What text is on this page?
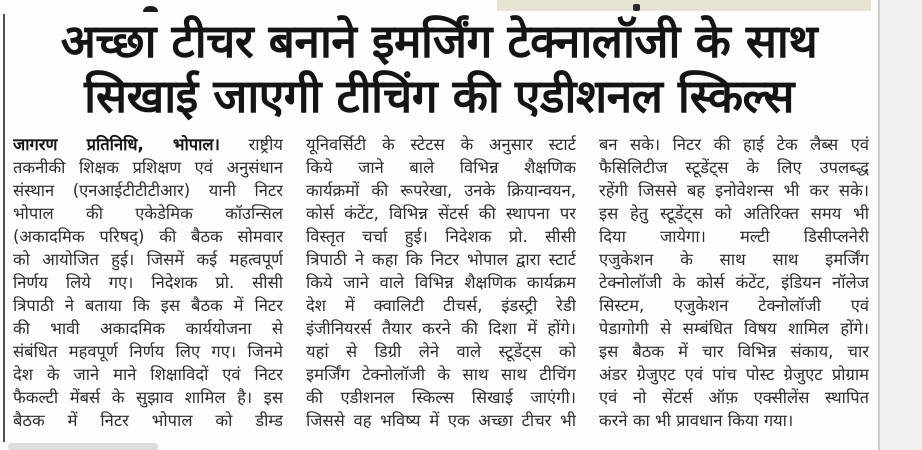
अच्छा टीचर बनाने इमर्जिंग टेक्नालॉजी के साथ
सिखाई जाएगी टीचिंग की एडीशनल स्किल्स
जागरण प्रतिनिधि, भोपाल। राष्ट्रीय
तकनीकी शिक्षक प्रशिक्षण एवं अनुसंधान
संस्थान (एनआईटीटीटीआर) यानी निटर
भोपाल की एकेडेमिक कॉउन्सिल
(अकादमिक परिषद्) की बैठक सोमवार
को आयोजित हुई। जिसमें कई महत्वपूर्ण
निर्णय लिये गए। निदेशक प्रो. सीसी
त्रिपाठी ने बताया कि इस बैठक में निटर
की भावी अकादमिक कार्ययोजना से
संबंधित महवपूर्ण निर्णय लिए गए। जिनमे
देश के जाने माने शिक्षाविदों एवं निटर
फैकल्टी मेंबर्स के सुझाव शामिल है। इस
बैठक में निटर भोपाल को डीम्ड
यूनिवर्सिटी के स्टेटस के अनुसार स्टार्ट
किये जाने बाले विभिन्न शैक्षणिक
कार्यक्रमों की रूपरेखा, उनके क्रियान्वयन,
कोर्स कंटेंट, विभिन्न सेंटर्स की स्थापना पर
विस्तृत चर्चा हुई। निदेशक प्रो. सीसी
त्रिपाठी ने कहा कि निटर भोपाल द्वारा स्टार्ट
किये जाने वाले विभिन्न शैक्षणिक कार्यक्रम
देश में क्वालिटी टीचर्स, इंडस्ट्री रेडी
इंजीनियरर्स तैयार करने की दिशा में होंगे।
यहां से डिग्री लेने वाले स्टूडेंट्स को
इमर्जिंग टेक्नोलॉजी के साथ साथ टीचिंग
की एडीशनल स्किल्स सिखाई जाएंगी।
जिससे वह भविष्य में एक अच्छा टीचर भी
बन सके। निटर की हाई टेक लैब्स एवं
फैसिलिटीज स्टूडेंट्स के लिए उपलब्द्ध
रहेंगी जिससे बह इनोवेशन्स भी कर सके।
इस हेतु स्टूडेंट्स को अतिरिक्त समय भी
दिया जायेगा। मल्टी डिसीप्लनेरी
एजुकेशन के साथ साथ इमर्जिंग
टेक्नोलॉजी के कोर्स कंटेंट, इंडियन नॉलेज
सिस्टम, एजुकेशन टेक्नोलॉजी एवं
पेडागोगी से सम्बंधित विषय शामिल होंगे।
इस बैठक में चार विभिन्न संकाय, चार
अंडर ग्रेजुएट एवं पांच पोस्ट ग्रेजुएट प्रोग्राम
एवं नो सेंटर्स ऑफ़ एक्सीलेंस स्थापित
करने का भी प्रावधान किया गया।
